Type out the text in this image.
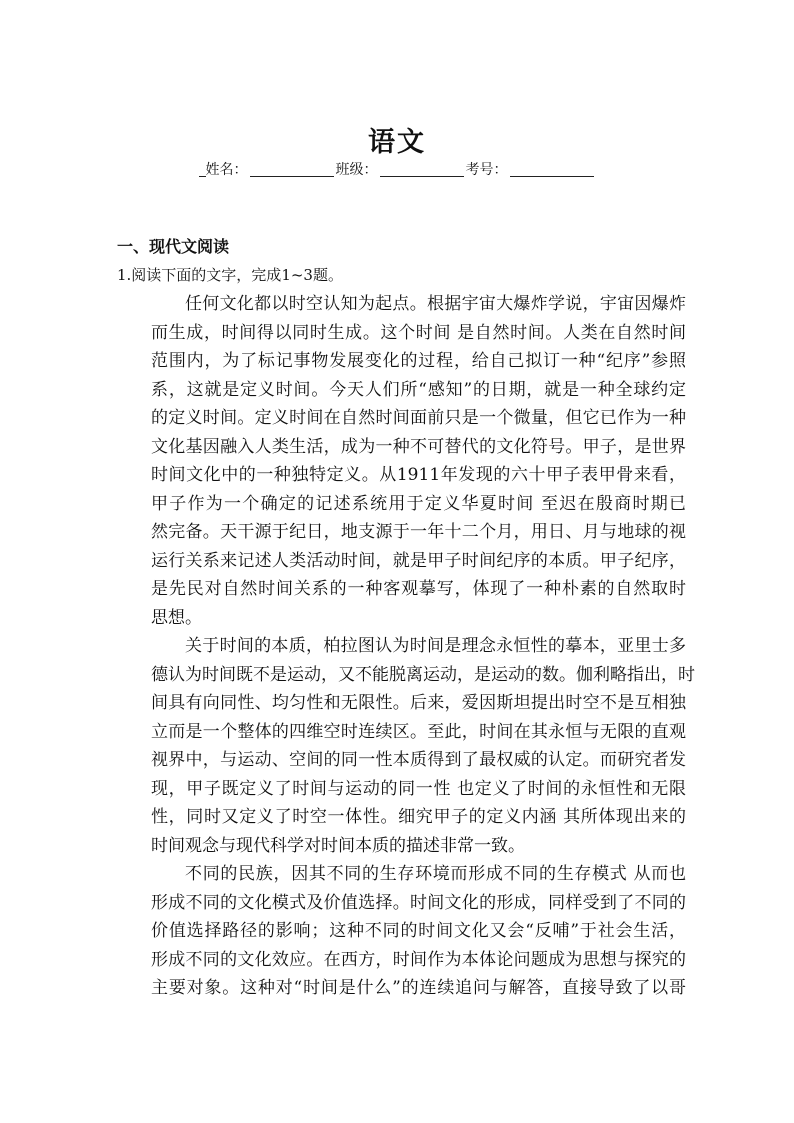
语文
姓名：	班级：	考号：
一、现代文阅读
1.阅读下面的文字，完成1~3题。
任何文化都以时空认知为起点。根据宇宙大爆炸学说，宇宙因爆炸
而生成，时间得以同时生成。这个时间 是自然时间。人类在自然时间
范围内，为了标记事物发展变化的过程，给自己拟订一种“纪序”参照
系，这就是定义时间。今天人们所“感知”的日期，就是一种全球约定
的定义时间。定义时间在自然时间面前只是一个微量，但它已作为一种
文化基因融入人类生活，成为一种不可替代的文化符号。甲子，是世界
时间文化中的一种独特定义。从1911年发现的六十甲子表甲骨来看，
甲子作为一个确定的记述系统用于定义华夏时间 至迟在殷商时期已
然完备。天干源于纪日，地支源于一年十二个月，用日、月与地球的视
运行关系来记述人类活动时间，就是甲子时间纪序的本质。甲子纪序，
是先民对自然时间关系的一种客观摹写，体现了一种朴素的自然取时
思想。
关于时间的本质，柏拉图认为时间是理念永恒性的摹本，亚里士多
德认为时间既不是运动，又不能脱离运动，是运动的数。伽利略指出，时
间具有向同性、均匀性和无限性。后来，爱因斯坦提出时空不是互相独
立而是一个整体的四维空时连续区。至此，时间在其永恒与无限的直观
视界中，与运动、空间的同一性本质得到了最权威的认定。而研究者发
现，甲子既定义了时间与运动的同一性 也定义了时间的永恒性和无限
性，同时又定义了时空一体性。细究甲子的定义内涵 其所体现出来的
时间观念与现代科学对时间本质的描述非常一致。
不同的民族，因其不同的生存环境而形成不同的生存模式 从而也
形成不同的文化模式及价值选择。时间文化的形成，同样受到了不同的
价值选择路径的影响；这种不同的时间文化又会“反哺”于社会生活，
形成不同的文化效应。在西方，时间作为本体论问题成为思想与探究的
主要对象。这种对“时间是什么”的连续追问与解答，直接导致了以哥
